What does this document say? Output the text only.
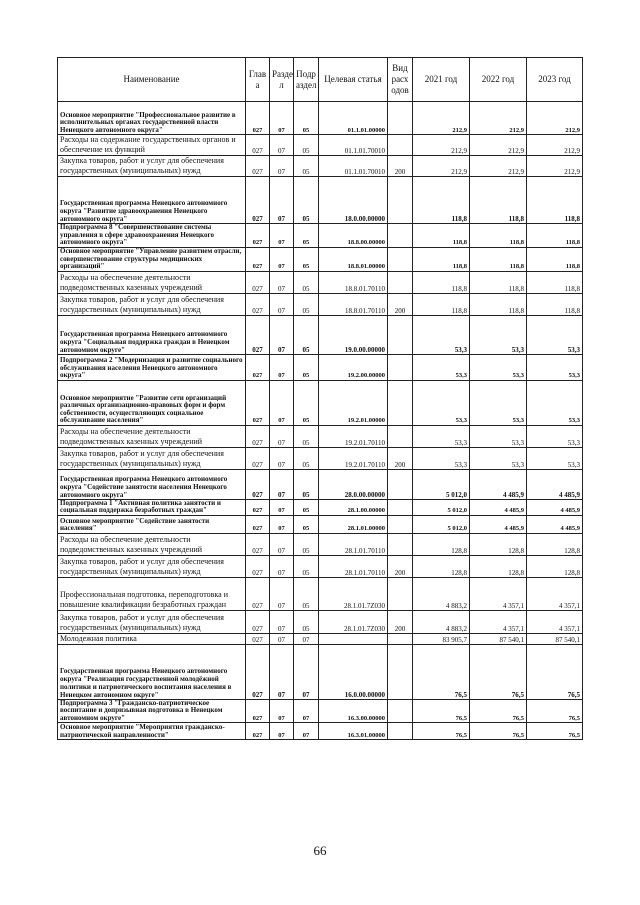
Наименование	Глав а	Разде л	Подр аздел	Целевая статья	Вид расх одов	2021 год	2022 год	2023 год
Основное мероприятие "Профессиональное развитие в исполнительных органах государственной власти Ненецкого автономного округа"	027	07	05	01.1.01.00000		212,9	212,9	212,9
Расходы на содержание государственных органов и обеспечение их функций	027	07	05	01.1.01.70010		212,9	212,9	212,9
Закупка товаров, работ и услуг для обеспечения государственных (муниципальных) нужд	027	07	05	01.1.01.70010	200	212,9	212,9	212,9
Государственная программа Ненецкого автономного округа "Развитие здравоохранения Ненецкого автономного округа"	027	07	05	18.0.00.00000		118,8	118,8	118,8
Подпрограмма 8 "Совершенствование системы управления в сфере здравоохранения Ненецкого автономного округа"	027	07	05	18.8.00.00000		118,8	118,8	118,8
Основное мероприятие "Управление развитием отрасли, совершенствование структуры медицинских организаций"	027	07	05	18.8.01.00000		118,8	118,8	118,8
Расходы на обеспечение деятельности подведомственных казенных учреждений	027	07	05	18.8.01.70110		118,8	118,8	118,8
Закупка товаров, работ и услуг для обеспечения государственных (муниципальных) нужд	027	07	05	18.8.01.70110	200	118,8	118,8	118,8
Государственная программа Ненецкого автономного округа "Социальная поддержка граждан в Ненецком автономном округе"	027	07	05	19.0.00.00000		53,3	53,3	53,3
Подпрограмма 2 "Модернизация и развитие социального обслуживания населения Ненецкого автономного округа"	027	07	05	19.2.00.00000		53,3	53,3	53,3
Основное мероприятие "Развитие сети организаций различных организационно-правовых форм и форм собственности, осуществляющих социальное обслуживание населения"	027	07	05	19.2.01.00000		53,3	53,3	53,3
Расходы на обеспечение деятельности подведомственных казенных учреждений	027	07	05	19.2.01.70110		53,3	53,3	53,3
Закупка товаров, работ и услуг для обеспечения государственных (муниципальных) нужд	027	07	05	19.2.01.70110	200	53,3	53,3	53,3
Государственная программа Ненецкого автономного округа "Содействие занятости населения Ненецкого автономного округа"	027	07	05	28.0.00.00000		5 012,0	4 485,9	4 485,9
Подпрограмма 1 "Активная политика занятости и социальная поддержка безработных граждан"	027	07	05	28.1.00.00000		5 012,0	4 485,9	4 485,9
Основное мероприятие "Содействие занятости населения"	027	07	05	28.1.01.00000		5 012,0	4 485,9	4 485,9
Расходы на обеспечение деятельности подведомственных казенных учреждений	027	07	05	28.1.01.70110		128,8	128,8	128,8
Закупка товаров, работ и услуг для обеспечения государственных (муниципальных) нужд	027	07	05	28.1.01.70110	200	128,8	128,8	128,8
Профессиональная подготовка, переподготовка и повышение квалификации безработных граждан	027	07	05	28.1.01.7Z030		4 883,2	4 357,1	4 357,1
Закупка товаров, работ и услуг для обеспечения государственных (муниципальных) нужд	027	07	05	28.1.01.7Z030	200	4 883,2	4 357,1	4 357,1
Молодежная политика	027	07	07			83 905,7	87 540,1	87 540,1
Государственная программа Ненецкого автономного округа "Реализация государственной молодёжной политики и патриотического воспитания населения в Ненецком автономном округе"	027	07	07	16.0.00.00000		76,5	76,5	76,5
Подпрограмма 3 "Гражданско-патриотическое воспитание и допризывная подготовка в Ненецком автономном округе"	027	07	07	16.3.00.00000		76,5	76,5	76,5
Основное мероприятие "Мероприятия гражданско-патриотической направленности"	027	07	07	16.3.01.00000		76,5	76,5	76,5
66
